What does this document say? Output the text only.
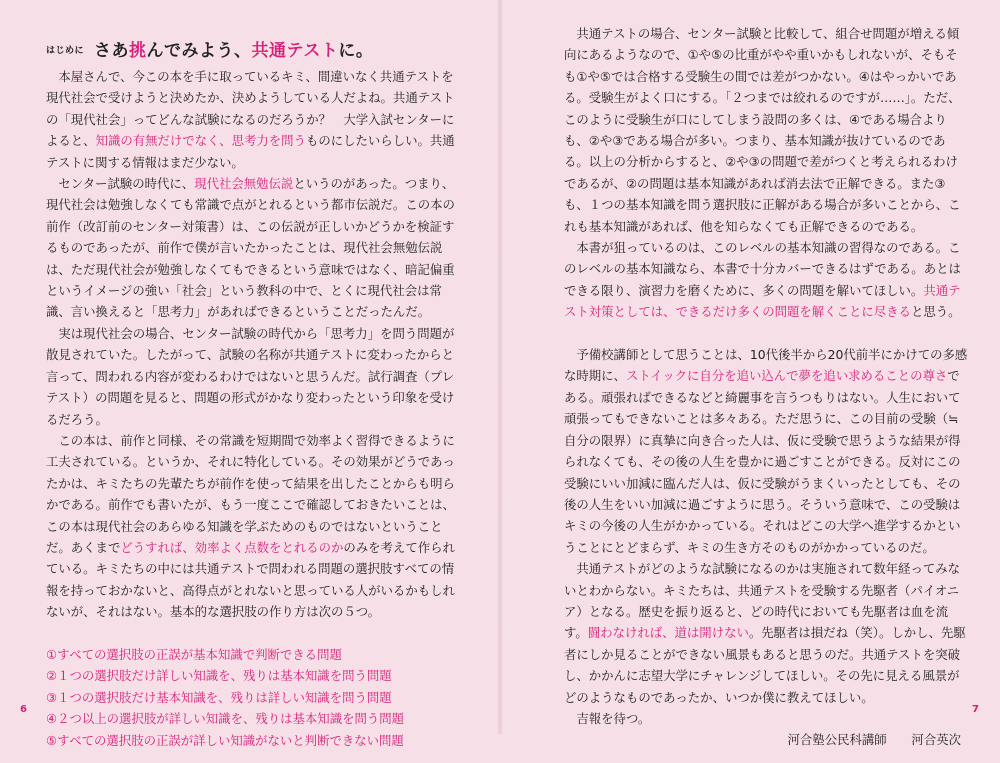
はじめに さあ挑んでみよう、共通テストに。

本屋さんで、今この本を手に取っているキミ、間違いなく共通テストを現代社会で受けようと決めたか、決めようしている人だよね。共通テストの「現代社会」ってどんな試験になるのだろうか？　大学入試センターによると、知識の有無だけでなく、思考力を問うものにしたいらしい。共通テストに関する情報はまだ少ない。

センター試験の時代に、現代社会無勉伝説というのがあった。つまり、現代社会は勉強しなくても常識で点がとれるという都市伝説だ。この本の前作（改訂前のセンター対策書）は、この伝説が正しいかどうかを検証するものであったが、前作で僕が言いたかったことは、現代社会無勉伝説は、ただ現代社会が勉強しなくてもできるという意味ではなく、暗記偏重というイメージの強い「社会」という教科の中で、とくに現代社会は常識、言い換えると「思考力」があればできるということだったんだ。

実は現代社会の場合、センター試験の時代から「思考力」を問う問題が散見されていた。したがって、試験の名称が共通テストに変わったからと言って、問われる内容が変わるわけではないと思うんだ。試行調査（プレテスト）の問題を見ると、問題の形式がかなり変わったという印象を受けるだろう。

この本は、前作と同様、その常識を短期間で効率よく習得できるように工夫されている。というか、それに特化している。その効果がどうであったかは、キミたちの先輩たちが前作を使って結果を出したことからも明らかである。前作でも書いたが、もう一度ここで確認しておきたいことは、この本は現代社会のあらゆる知識を学ぶためのものではないということだ。あくまでどうすれば、効率よく点数をとれるのかのみを考えて作られている。キミたちの中には共通テストで問われる問題の選択肢すべての情報を持っておかないと、高得点がとれないと思っている人がいるかもしれないが、それはない。基本的な選択肢の作り方は次の５つ。

①すべての選択肢の正誤が基本知識で判断できる問題
②１つの選択肢だけ詳しい知識を、残りは基本知識を問う問題
③１つの選択肢だけ基本知識を、残りは詳しい知識を問う問題
④２つ以上の選択肢が詳しい知識を、残りは基本知識を問う問題
⑤すべての選択肢の正誤が詳しい知識がないと判断できない問題

共通テストの場合、センター試験と比較して、組合せ問題が増える傾向にあるようなので、①や⑤の比重がやや重いかもしれないが、そもそも①や⑤では合格する受験生の間では差がつかない。④はやっかいである。受験生がよく口にする。「２つまでは絞れるのですが……」。ただ、このように受験生が口にしてしまう設問の多くは、④である場合よりも、②や③である場合が多い。つまり、基本知識が抜けているのである。以上の分析からすると、②や③の問題で差がつくと考えられるわけであるが、②の問題は基本知識があれば消去法で正解できる。また③も、１つの基本知識を問う選択肢に正解がある場合が多いことから、これも基本知識があれば、他を知らなくても正解できるのである。

本書が狙っているのは、このレベルの基本知識の習得なのである。このレベルの基本知識なら、本書で十分カバーできるはずである。あとはできる限り、演習力を磨くために、多くの問題を解いてほしい。共通テスト対策としては、できるだけ多くの問題を解くことに尽きると思う。

予備校講師として思うことは、10代後半から20代前半にかけての多感な時期に、ストイックに自分を追い込んで夢を追い求めることの尊さである。頑張ればできるなどと綺麗事を言うつもりはない。人生において頑張ってもできないことは多々ある。ただ思うに、この目前の受験（≒自分の限界）に真摯に向き合った人は、仮に受験で思うような結果が得られなくても、その後の人生を豊かに過ごすことができる。反対にこの受験にいい加減に臨んだ人は、仮に受験がうまくいったとしても、その後の人生をいい加減に過ごすように思う。そういう意味で、この受験はキミの今後の人生がかかっている。それはどこの大学へ進学するかということにとどまらず、キミの生き方そのものがかかっているのだ。

共通テストがどのような試験になるのかは実施されて数年経ってみないとわからない。キミたちは、共通テストを受験する先駆者（パイオニア）となる。歴史を振り返ると、どの時代においても先駆者は血を流す。闘わなければ、道は開けない。先駆者は損だね（笑）。しかし、先駆者にしか見ることができない風景もあると思うのだ。共通テストを突破し、かかんに志望大学にチャレンジしてほしい。その先に見える風景がどのようなものであったか、いつか僕に教えてほしい。

吉報を待つ。

河合塾公民科講師　　河合英次

6	7
